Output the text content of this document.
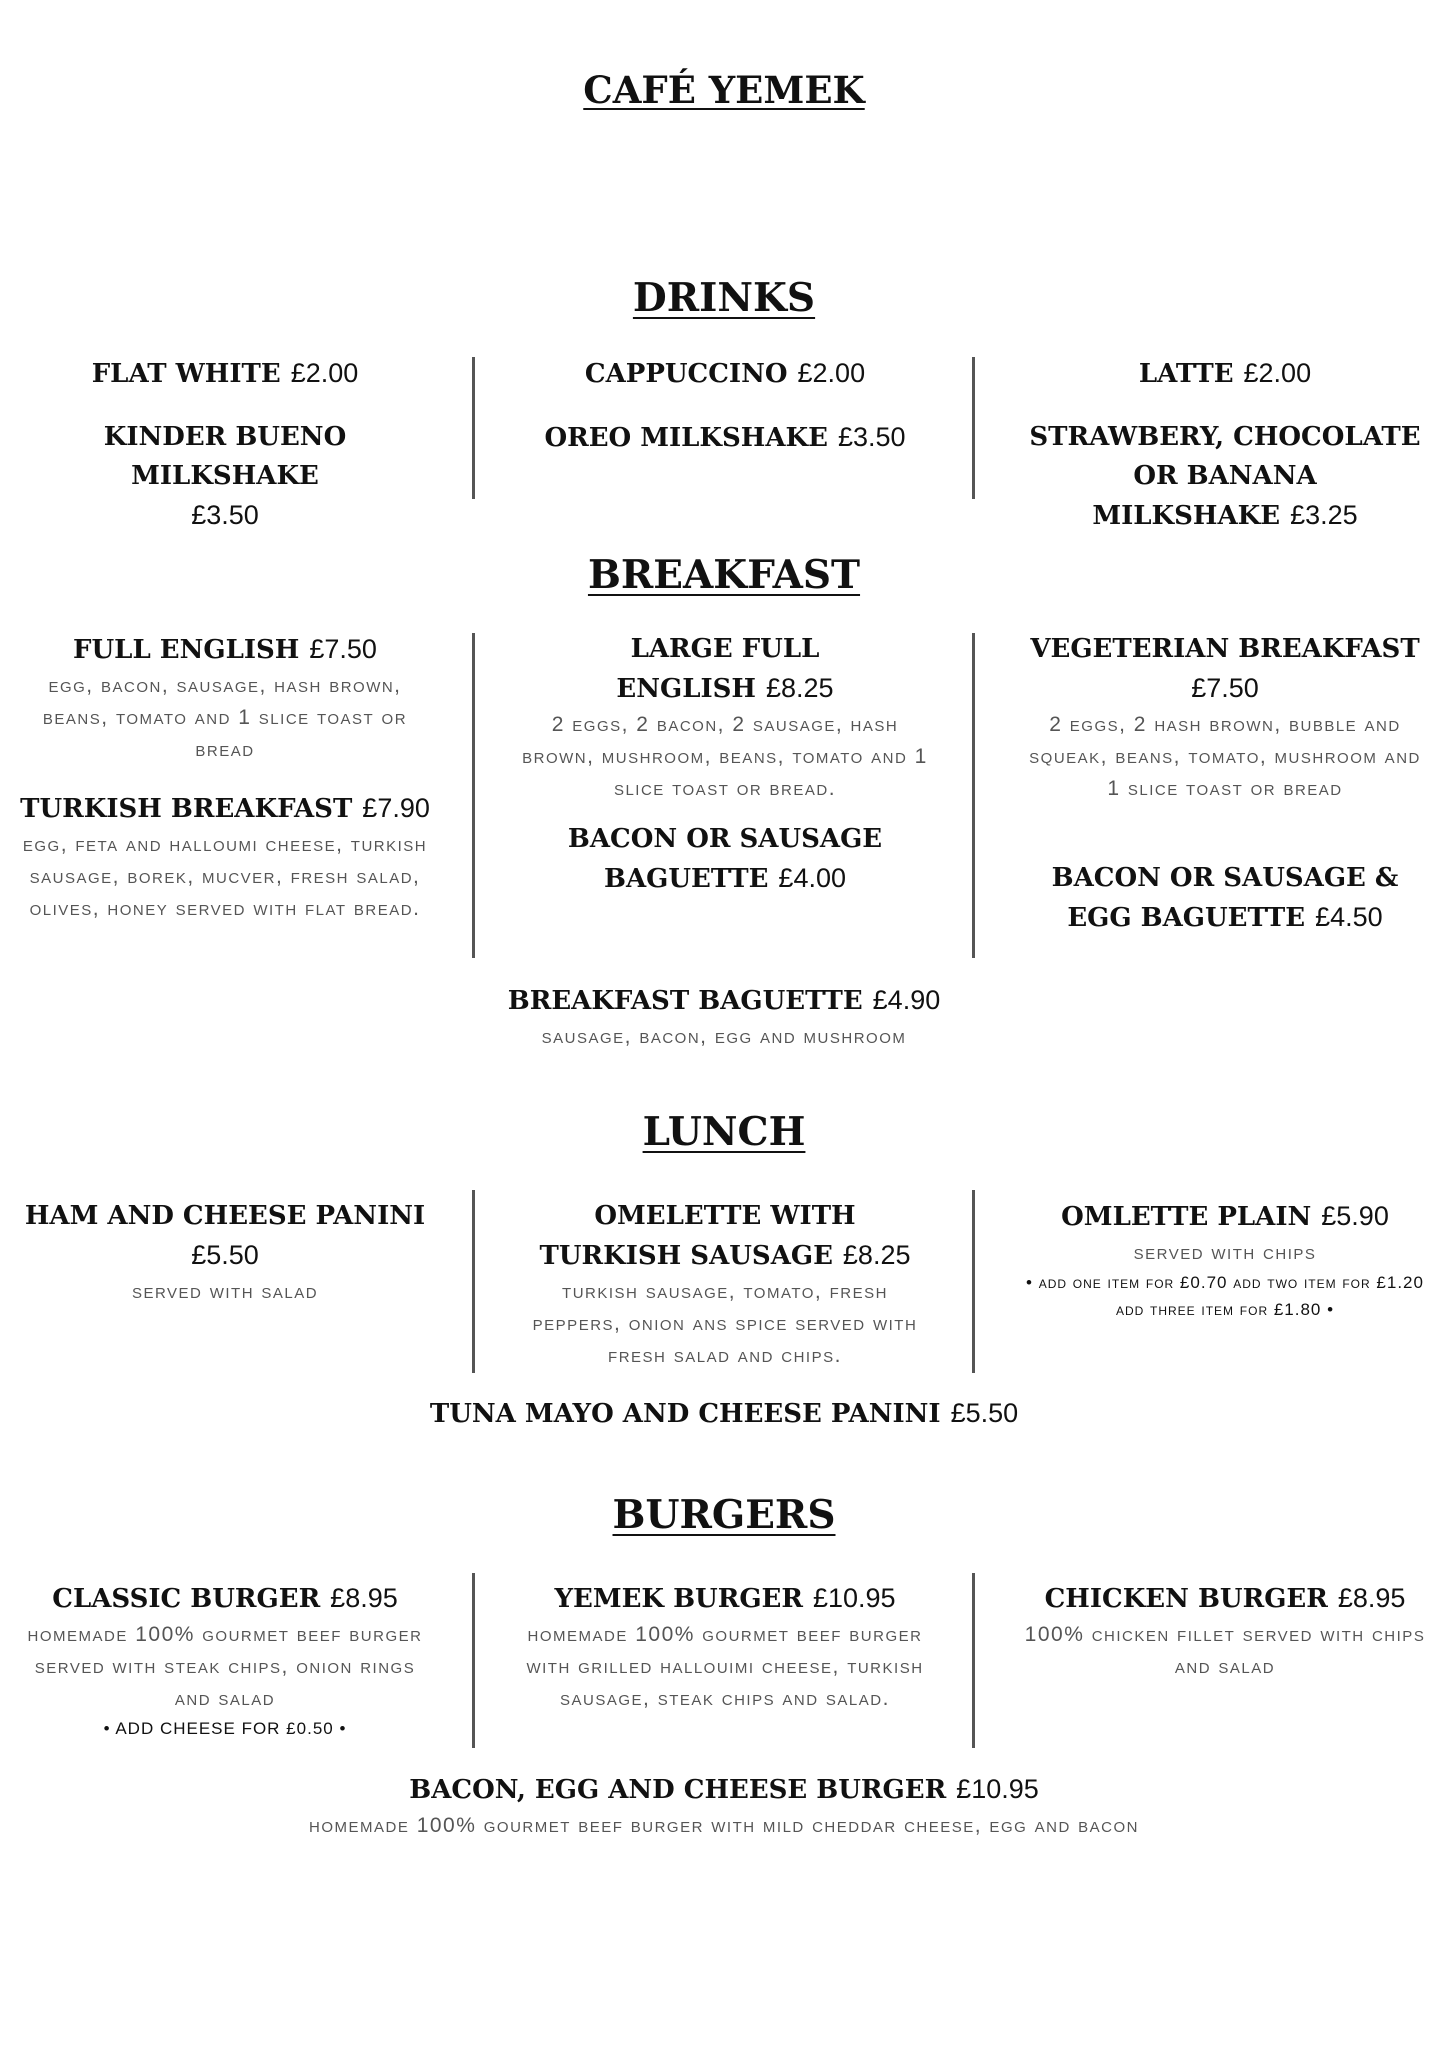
CAFÉ YEMEK
DRINKS
FLAT WHITE £2.00	CAPPUCCINO £2.00	LATTE £2.00
KINDER BUENO MILKSHAKE
£3.50
OREO MILKSHAKE £3.50	STRAWBERY, CHOCOLATE OR BANANA MILKSHAKE £3.25
BREAKFAST
FULL ENGLISH £7.50
egg, bacon, sausage, hash brown, beans, tomato and 1 slice toast or bread
TURKISH BREAKFAST £7.90
egg, feta and halloumi cheese, turkish sausage, borek, mucver, fresh salad, olives, honey served with flat bread.
LARGE FULL ENGLISH £8.25
2 eggs, 2 bacon, 2 sausage, hash brown, mushroom, beans, tomato and 1 slice toast or bread.
BACON OR SAUSAGE BAGUETTE £4.00
VEGETERIAN BREAKFAST
£7.50
2 eggs, 2 hash brown, bubble and squeak, beans, tomato, mushroom and 1 slice toast or bread
BACON OR SAUSAGE & EGG BAGUETTE £4.50
BREAKFAST BAGUETTE £4.90
sausage, bacon, egg and mushroom
LUNCH
HAM AND CHEESE PANINI
£5.50
served with salad
OMELETTE WITH TURKISH SAUSAGE £8.25
turkish sausage, tomato, fresh peppers, onion ans spice served with fresh salad and chips.
OMLETTE PLAIN £5.90
served with chips
• add one item for £0.70 add two item for £1.20 add three item for £1.80 •
TUNA MAYO AND CHEESE PANINI £5.50
BURGERS
CLASSIC BURGER £8.95
homemade 100% gourmet beef burger served with steak chips, onion rings and salad
• ADD CHEESE FOR £0.50 •
YEMEK BURGER £10.95
homemade 100% gourmet beef burger with grilled hallouimi cheese, turkish sausage, steak chips and salad.
CHICKEN BURGER £8.95
100% chicken fillet served with chips and salad
BACON, EGG AND CHEESE BURGER £10.95
homemade 100% gourmet beef burger with mild cheddar cheese, egg and bacon
